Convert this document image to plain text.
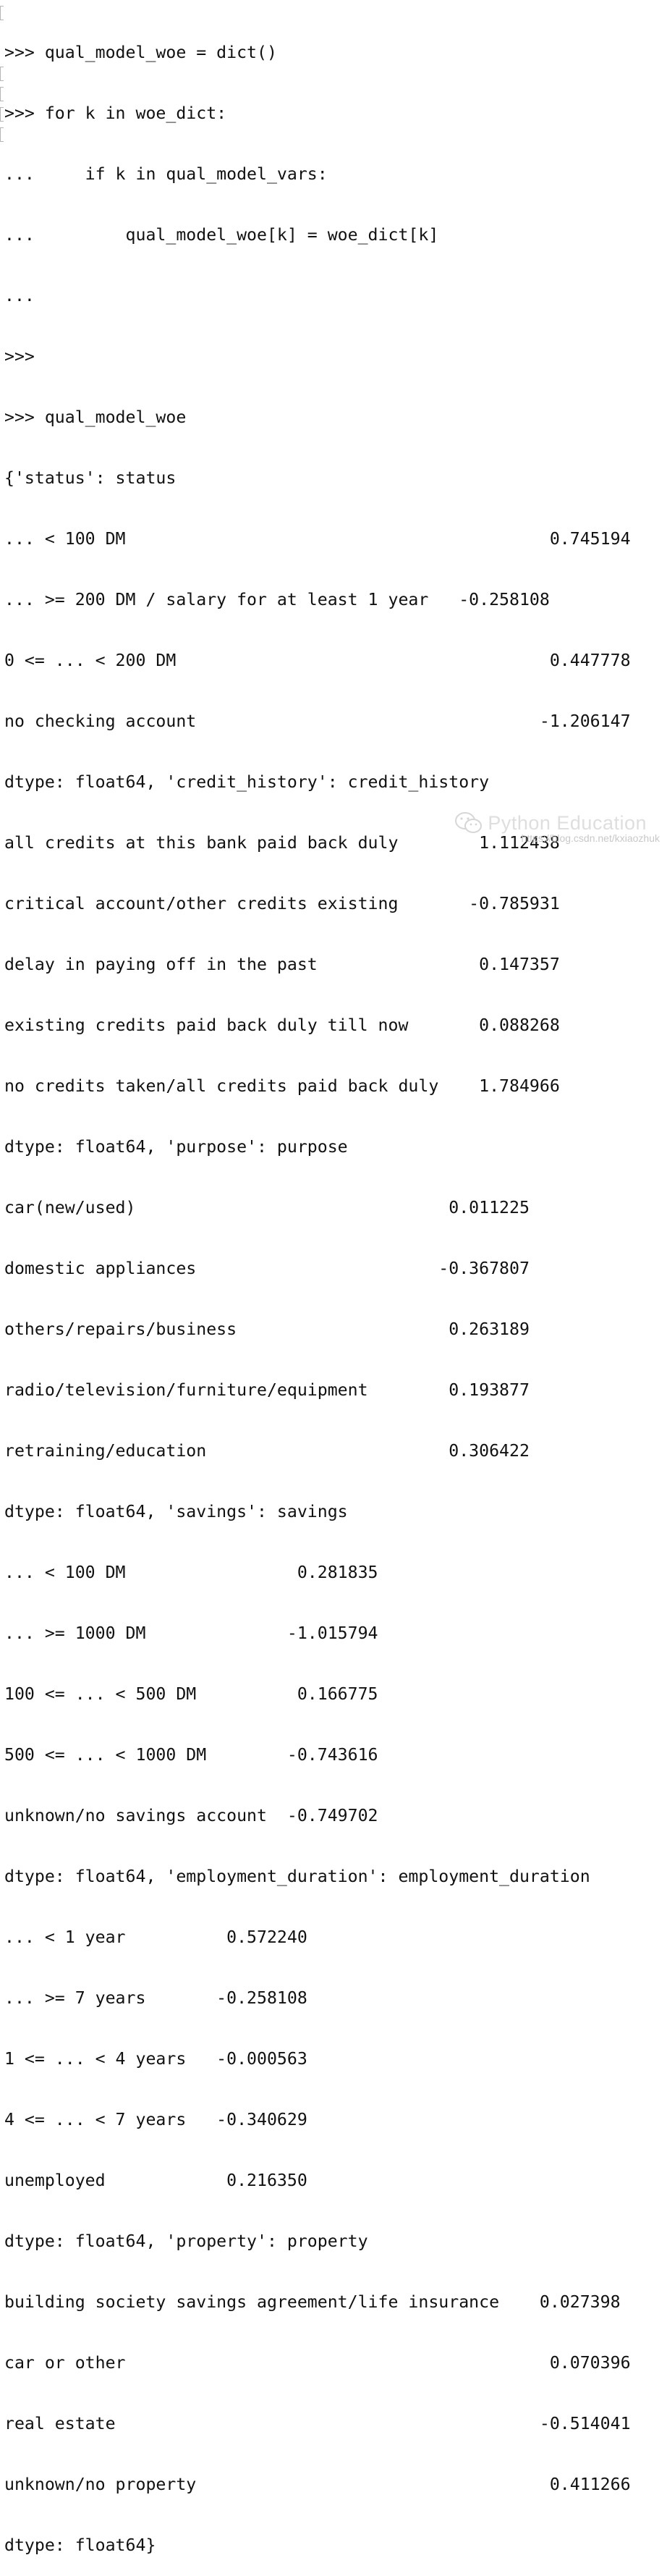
>>> qual_model_woe = dict()

>>> for k in woe_dict:

...     if k in qual_model_vars:

...         qual_model_woe[k] = woe_dict[k]

...

>>>

>>> qual_model_woe

{'status': status

... < 100 DM                                          0.745194

... >= 200 DM / salary for at least 1 year   -0.258108

0 <= ... < 200 DM                                     0.447778

no checking account                                  -1.206147

dtype: float64, 'credit_history': credit_history

all credits at this bank paid back duly        1.112438

critical account/other credits existing       -0.785931

delay in paying off in the past                0.147357

existing credits paid back duly till now       0.088268

no credits taken/all credits paid back duly    1.784966

dtype: float64, 'purpose': purpose

car(new/used)                               0.011225

domestic appliances                        -0.367807

others/repairs/business                     0.263189

radio/television/furniture/equipment        0.193877

retraining/education                        0.306422

dtype: float64, 'savings': savings

... < 100 DM                 0.281835

... >= 1000 DM              -1.015794

100 <= ... < 500 DM          0.166775

500 <= ... < 1000 DM        -0.743616

unknown/no savings account  -0.749702

dtype: float64, 'employment_duration': employment_duration

... < 1 year          0.572240

... >= 7 years       -0.258108

1 <= ... < 4 years   -0.000563

4 <= ... < 7 years   -0.340629

unemployed            0.216350

dtype: float64, 'property': property

building society savings agreement/life insurance    0.027398

car or other                                          0.070396

real estate                                          -0.514041

unknown/no property                                   0.411266

dtype: float64}

Python Education
https://blog.csdn.net/kxiaozhuk
